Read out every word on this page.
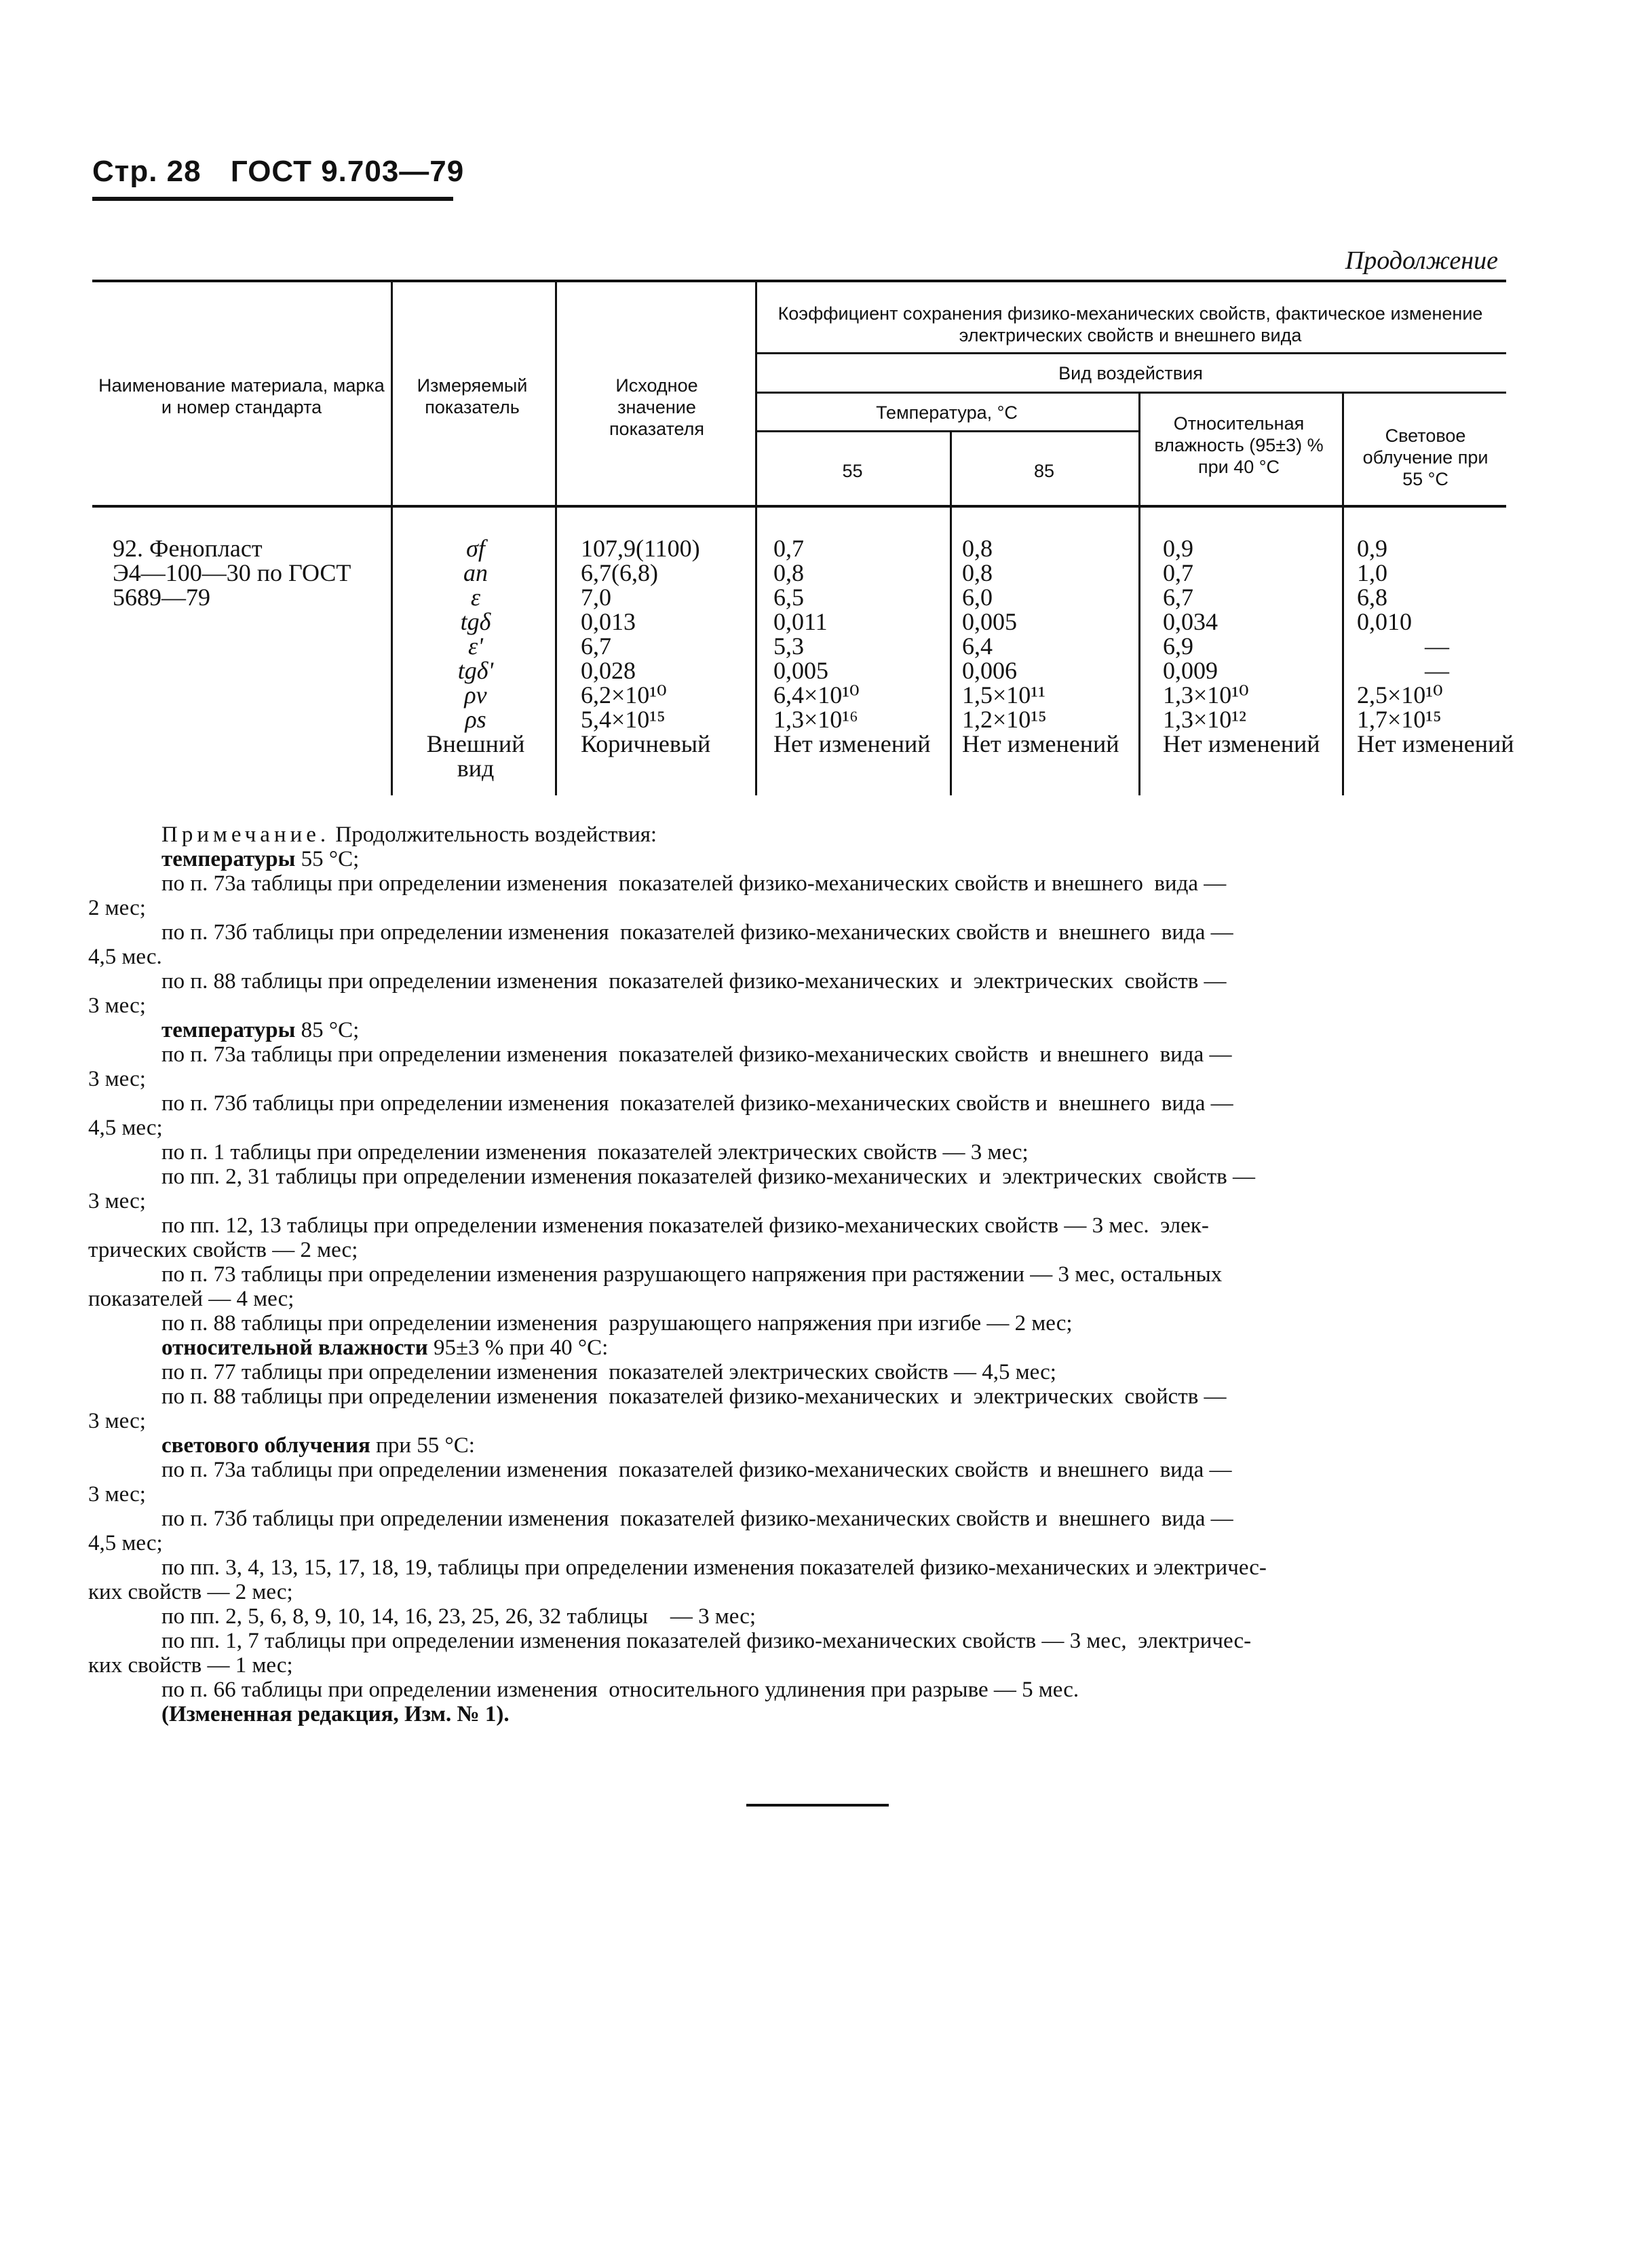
Стр. 28 ГОСТ 9.703—79
Продолжение
Наименование материала, марка и номер стандарта
Измеряемый показатель
Исходное значение показателя
Коэффициент сохранения физико-механических свойств, фактическое изменение электрических свойств и внешнего вида
Вид воздействия
Температура, °С
55	85
Относительная влажность (95±3) % при 40 °С
Световое облучение при 55 °С
92. Фенопласт
Э4—100—30 по ГОСТ
5689—79
σf
an
ε
tgδ
ε'
tgδ'
ρv
ρs
Внешний
вид
107,9(1100)
6,7(6,8)
7,0
0,013
6,7
0,028
6,2×10¹⁰
5,4×10¹⁵
Коричневый
0,7
0,8
6,5
0,011
5,3
0,005
6,4×10¹⁰
1,3×10¹⁶
Нет изменений
0,8
0,8
6,0
0,005
6,4
0,006
1,5×10¹¹
1,2×10¹⁵
Нет изменений
0,9
0,7
6,7
0,034
6,9
0,009
1,3×10¹⁰
1,3×10¹²
Нет изменений
0,9
1,0
6,8
0,010
—
—
2,5×10¹⁰
1,7×10¹⁵
Нет изменений

Примечание. Продолжительность воздействия:

температуры 55 °С;

по п. 73а таблицы при определении изменения  показателей физико-механических свойств и внешнего  вида —

2 мес;

по п. 73б таблицы при определении изменения  показателей физико-механических свойств и  внешнего  вида —

4,5 мес.

по п. 88 таблицы при определении изменения  показателей физико-механических  и  электрических  свойств —

3 мес;

температуры 85 °С;

по п. 73а таблицы при определении изменения  показателей физико-механических свойств  и внешнего  вида —

3 мес;

по п. 73б таблицы при определении изменения  показателей физико-механических свойств и  внешнего  вида —

4,5 мес;

по п. 1 таблицы при определении изменения  показателей электрических свойств — 3 мес;

по пп. 2, 31 таблицы при определении изменения показателей физико-механических  и  электрических  свойств —

3 мес;

по пп. 12, 13 таблицы при определении изменения показателей физико-механических свойств — 3 мес.  элек-

трических свойств — 2 мес;

по п. 73 таблицы при определении изменения разрушающего напряжения при растяжении — 3 мес, остальных

показателей — 4 мес;

по п. 88 таблицы при определении изменения  разрушающего напряжения при изгибе — 2 мес;

относительной влажности 95±3 % при 40 °С:

по п. 77 таблицы при определении изменения  показателей электрических свойств — 4,5 мес;

по п. 88 таблицы при определении изменения  показателей физико-механических  и  электрических  свойств —

3 мес;

светового облучения при 55 °С:

по п. 73а таблицы при определении изменения  показателей физико-механических свойств  и внешнего  вида —

3 мес;

по п. 73б таблицы при определении изменения  показателей физико-механических свойств и  внешнего  вида —

4,5 мес;

по пп. 3, 4, 13, 15, 17, 18, 19, таблицы при определении изменения показателей физико-механических и электричес-

ких свойств — 2 мес;

по пп. 2, 5, 6, 8, 9, 10, 14, 16, 23, 25, 26, 32 таблицы    — 3 мес;

по пп. 1, 7 таблицы при определении изменения показателей физико-механических свойств — 3 мес,  электричес-

ких свойств — 1 мес;

по п. 66 таблицы при определении изменения  относительного удлинения при разрыве — 5 мес.

(Измененная редакция, Изм. № 1).
